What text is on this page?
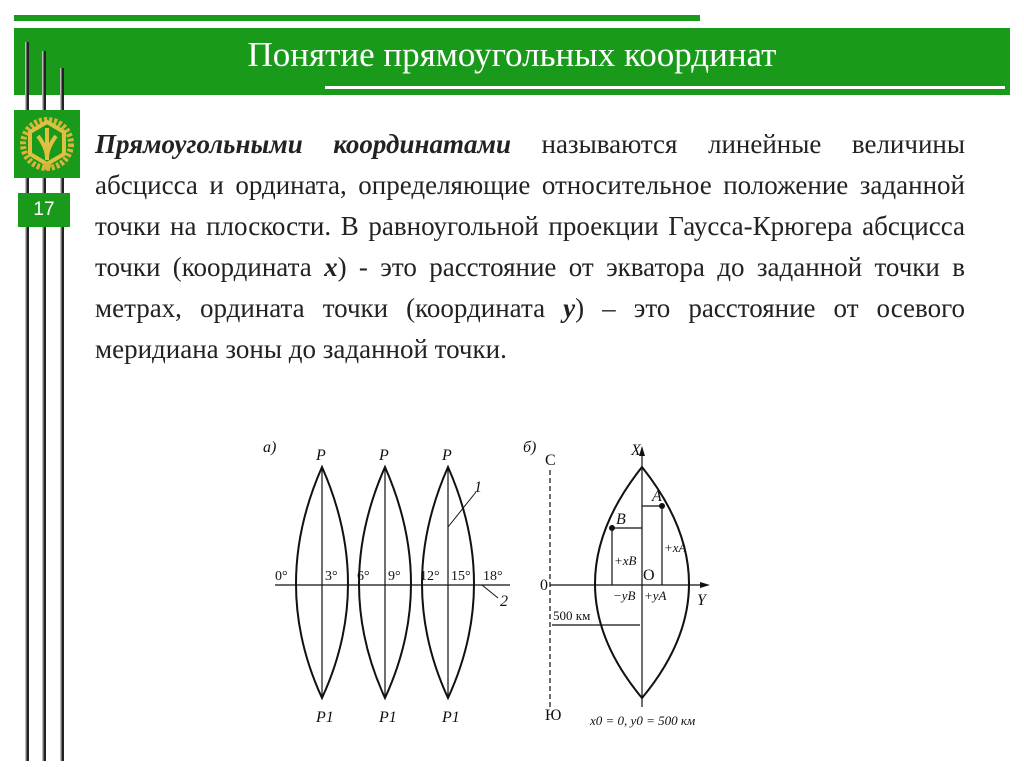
Понятие прямоугольных координат
17
Прямоугольными координатами называются линейные величины абсцисса и ордината, определяющие относительное положение заданной точки на плоскости. В равноугольной проекции Гаусса-Крюгера абсцисса точки (координата x) - это расстояние от экватора до заданной точки в метрах, ордината точки (координата y) – это расстояние от осевого меридиана зоны до заданной точки.
а) P	P	P
P1	P1	P1
1
2
0°	3° 6° 9° 12° 15° 18°
б)
С
Ю
0
X
Y
O
A
B
+xA
+xB
−yB +yA
500 км
x0 = 0, y0 = 500 км
